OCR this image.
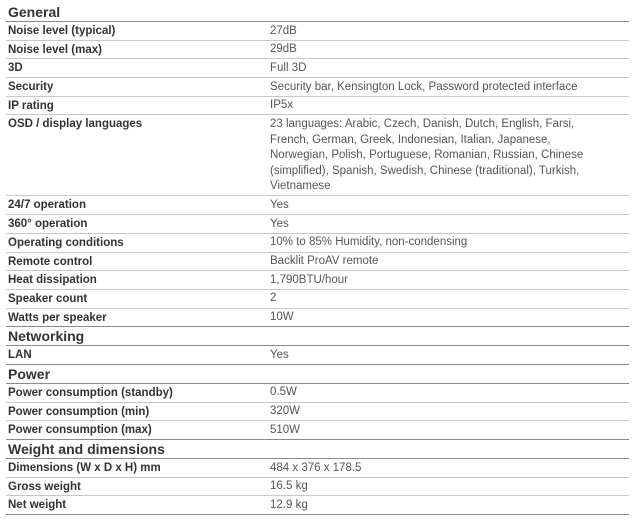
General
Noise level (typical)	27dB
Noise level (max)	29dB
3D	Full 3D
Security	Security bar, Kensington Lock, Password protected interface
IP rating	IP5x
OSD / display languages	23 languages: Arabic, Czech, Danish, Dutch, English, Farsi, French, German, Greek, Indonesian, Italian, Japanese, Norwegian, Polish, Portuguese, Romanian, Russian, Chinese (simplified), Spanish, Swedish, Chinese (traditional), Turkish, Vietnamese
24/7 operation	Yes
360° operation	Yes
Operating conditions	10% to 85% Humidity, non-condensing
Remote control	Backlit ProAV remote
Heat dissipation	1,790BTU/hour
Speaker count	2
Watts per speaker	10W
Networking
LAN	Yes
Power
Power consumption (standby)	0.5W
Power consumption (min)	320W
Power consumption (max)	510W
Weight and dimensions
Dimensions (W x D x H) mm	484 x 376 x 178.5
Gross weight	16.5 kg
Net weight	12.9 kg
